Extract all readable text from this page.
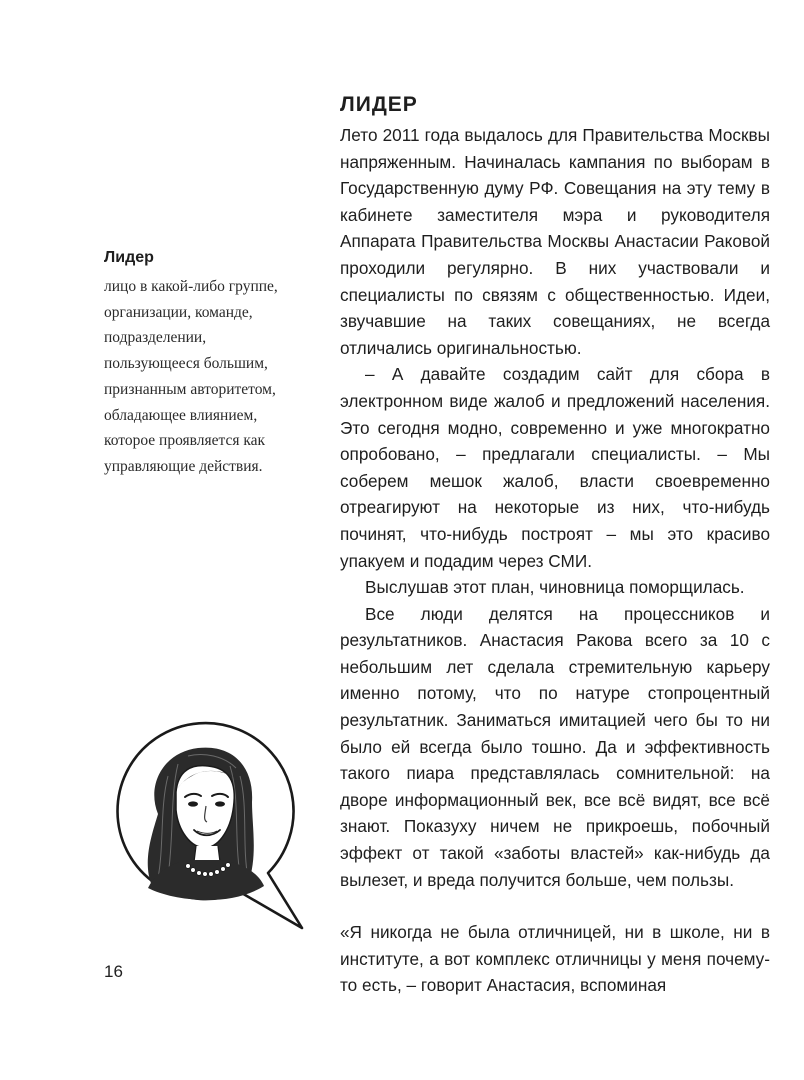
ЛИДЕР

Лето 2011 года выдалось для Правительства Москвы напряженным. Начиналась кампания по выборам в Государственную думу РФ. Совещания на эту тему в кабинете заместителя мэра и руководителя Аппарата Правительства Москвы Анастасии Раковой проходили регулярно. В них участвовали и специалисты по связям с общественностью. Идеи, звучавшие на таких совещаниях, не всегда отличались оригинальностью.

– А давайте создадим сайт для сбора в электронном виде жалоб и предложений населения. Это сегодня модно, современно и уже многократно опробовано, – предлагали специалисты. – Мы соберем мешок жалоб, власти своевременно отреагируют на некоторые из них, что-нибудь починят, что-нибудь построят – мы это красиво упакуем и подадим через СМИ.

Выслушав этот план, чиновница поморщилась.

Все люди делятся на процессников и результатников. Анастасия Ракова всего за 10 с небольшим лет сделала стремительную карьеру именно потому, что по натуре стопроцентный результатник. Заниматься имитацией чего бы то ни было ей всегда было тошно. Да и эффективность такого пиара представлялась сомнительной: на дворе информационный век, все всё видят, все всё знают. Показуху ничем не прикроешь, побочный эффект от такой «заботы властей» как-нибудь да вылезет, и вреда получится больше, чем пользы.

«Я никогда не была отличницей, ни в школе, ни в институте, а вот комплекс отличницы у меня почему-то есть, – говорит Анастасия, вспоминая

Лидер

лицо в какой-либо группе, организации, команде, подразделении, пользующееся большим, признанным авторитетом, обладающее влиянием, которое проявляется как управляющие действия.

16
